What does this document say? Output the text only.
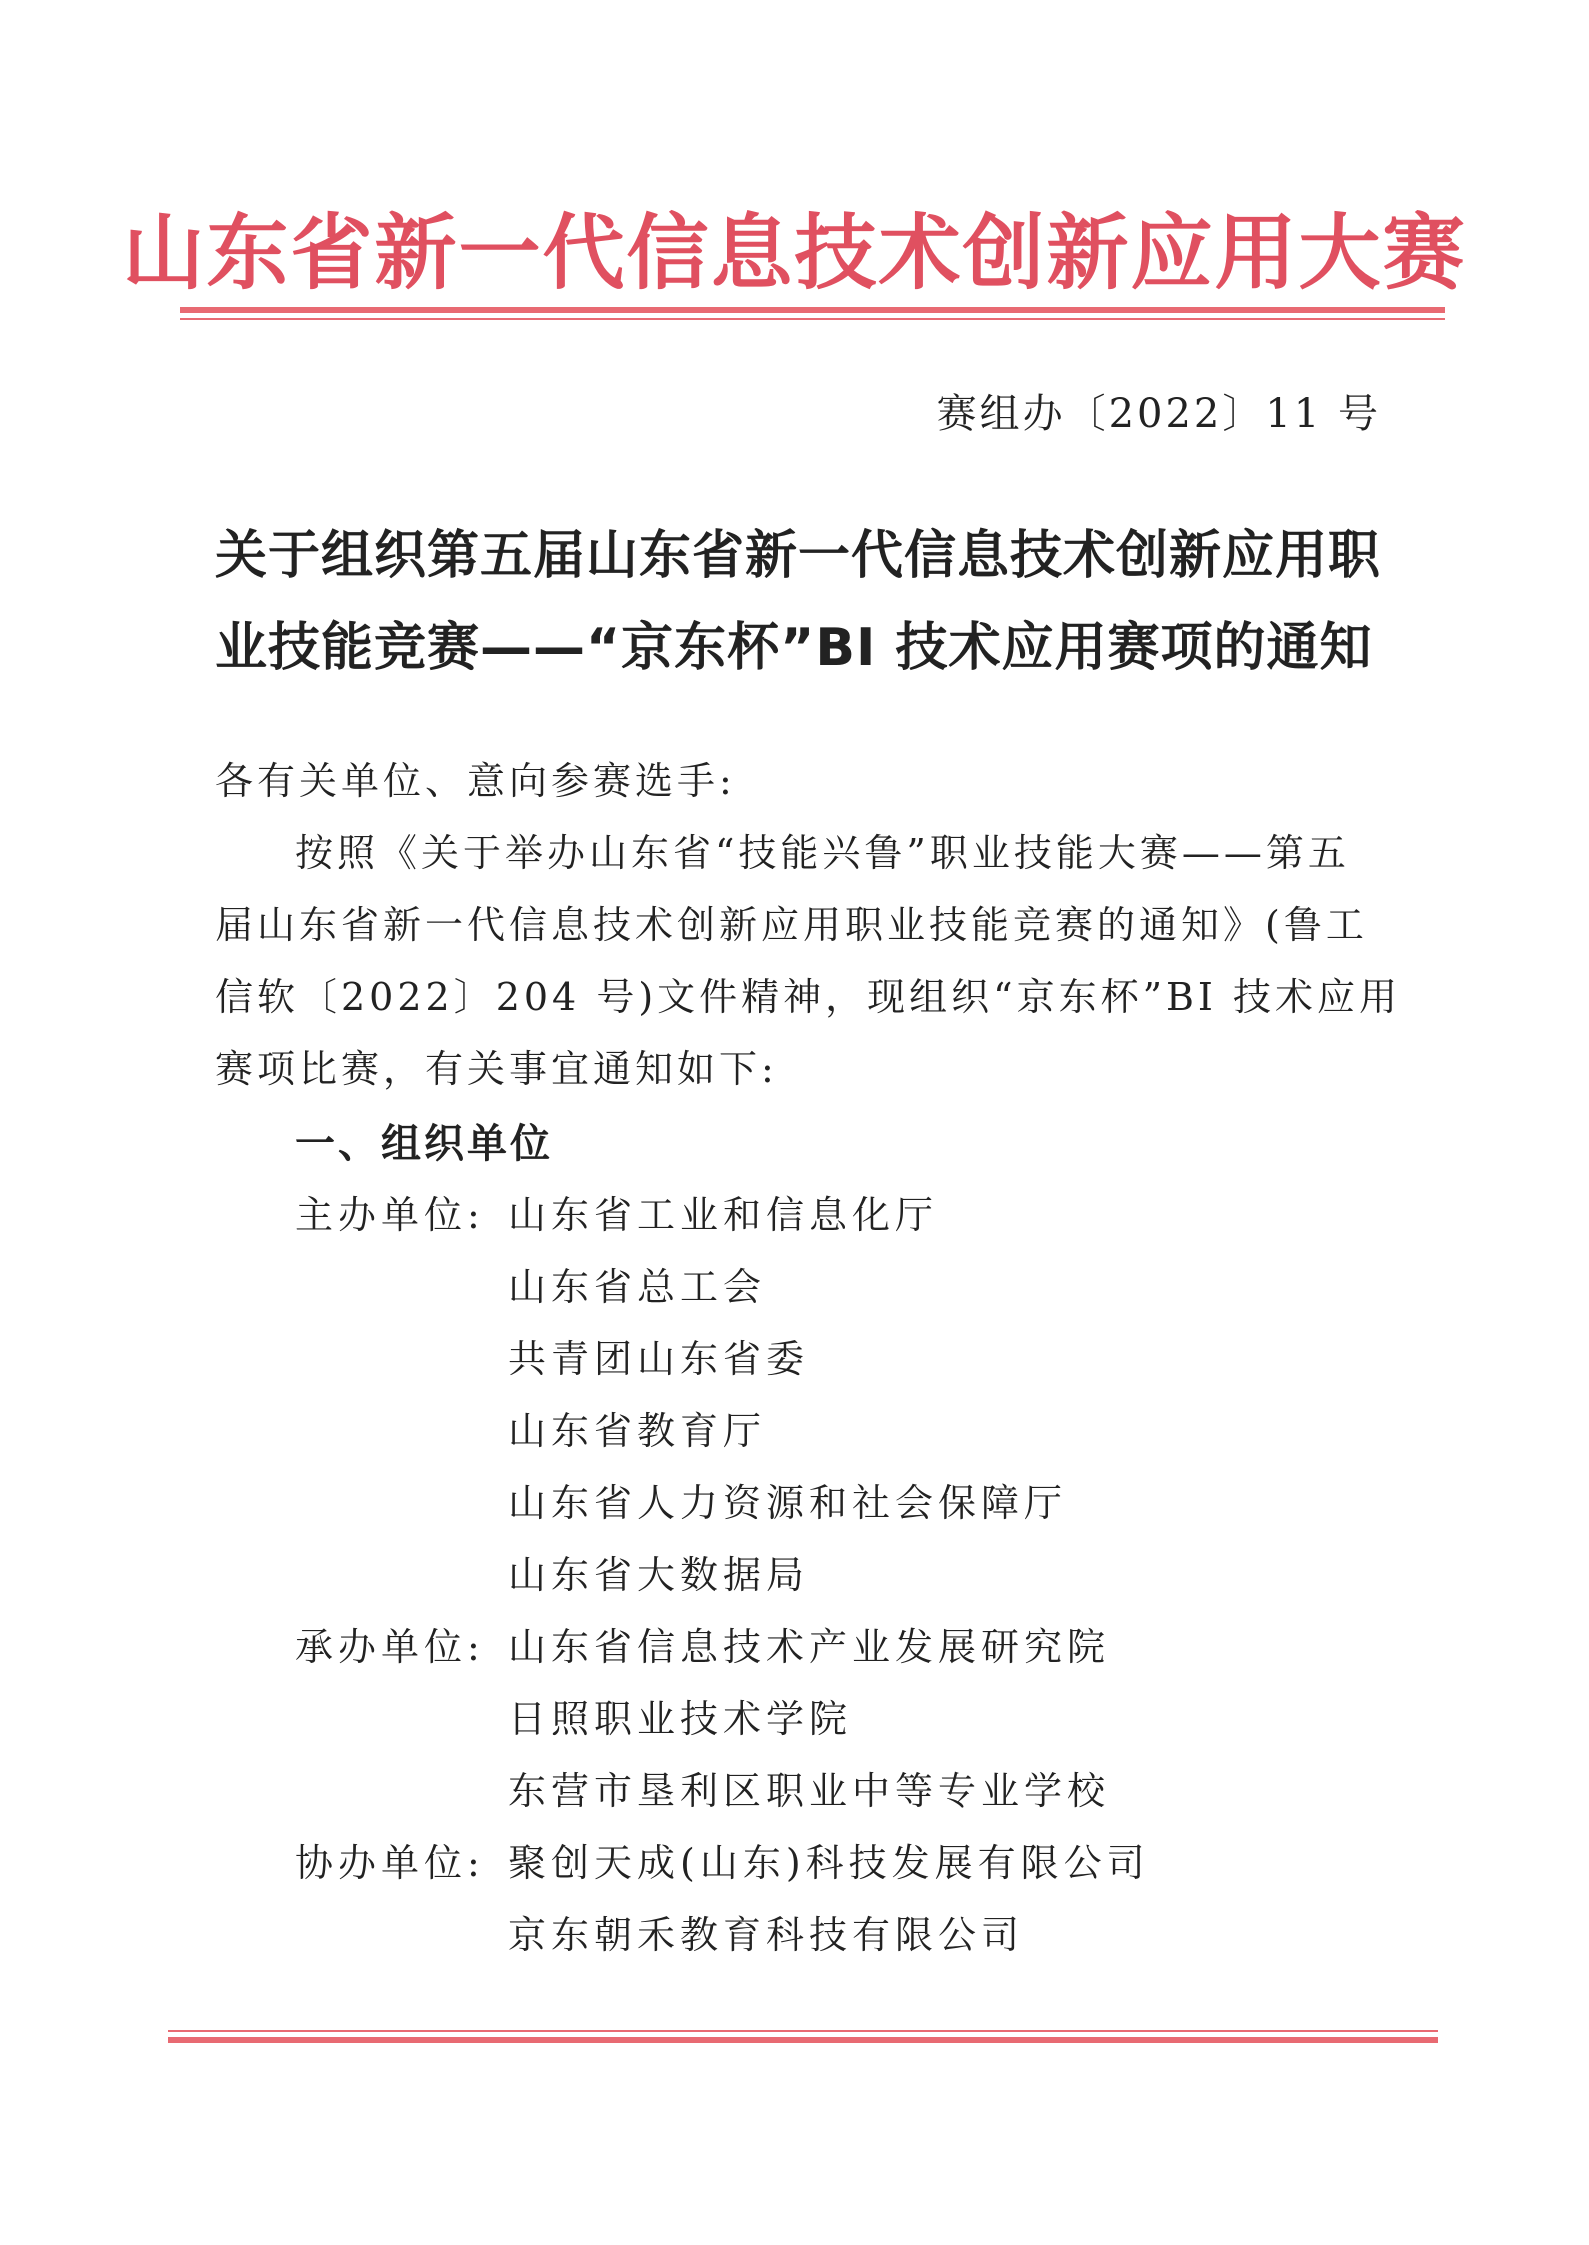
山东省新一代信息技术创新应用大赛
赛组办〔2022〕11 号
关于组织第五届山东省新一代信息技术创新应用职
业技能竞赛——“京东杯”BI 技术应用赛项的通知
各有关单位、意向参赛选手:
按照《关于举办山东省“技能兴鲁”职业技能大赛——第五
届山东省新一代信息技术创新应用职业技能竞赛的通知》(鲁工
信软〔2022〕204 号)文件精神，现组织“京东杯”BI 技术应用
赛项比赛，有关事宜通知如下:
一、组织单位
主办单位: 山东省工业和信息化厅
山东省总工会
共青团山东省委
山东省教育厅
山东省人力资源和社会保障厅
山东省大数据局
承办单位: 山东省信息技术产业发展研究院
日照职业技术学院
东营市垦利区职业中等专业学校
协办单位: 聚创天成(山东)科技发展有限公司
京东朝禾教育科技有限公司
